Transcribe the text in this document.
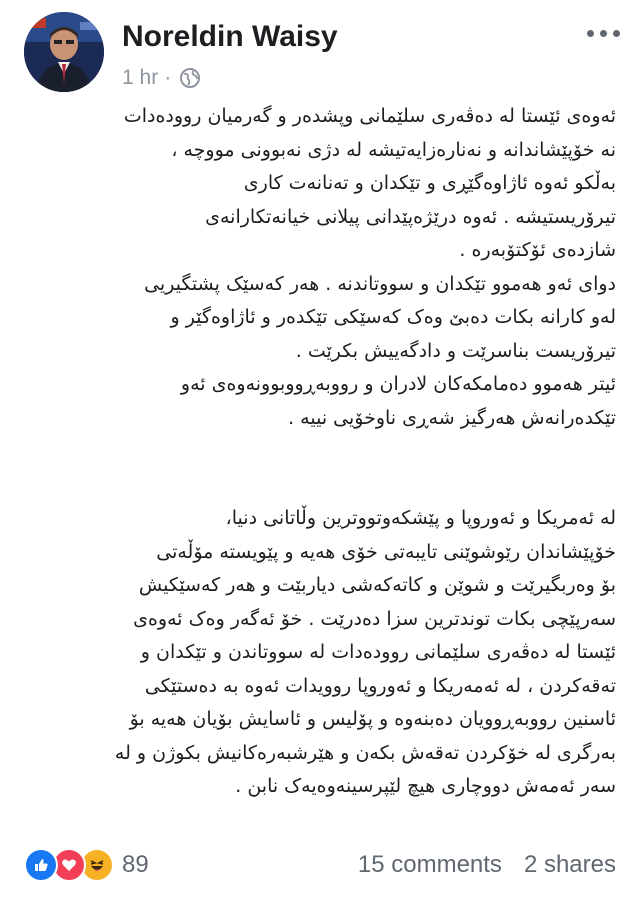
Noreldin Waisy
1 hr ·

ئەوەی ئێستا لە دەڤەری سلێمانی وپشدەر و گەرمیان روودەدات

نە خۆپێشاندانە و نەنارەزایەتیشە لە دژی نەبوونی مووچە ،

بەڵکو ئەوە ئاژاوەگێڕی و تێکدان و تەنانەت کاری

تیرۆریستیشە . ئەوە درێژەپێدانی پیلانی خیانەتکارانەی

شازدەی ئۆکتۆبەرە .

دوای ئەو هەموو تێکدان و سووتاندنە . هەر کەسێک پشتگیریی

لەو کارانە بکات دەبێ وەک کەسێکی تێکدەر و ئاژاوەگێر و

تیرۆریست بناسرێت و دادگەییش بکرێت .

ئیتر هەموو دەمامکەکان لادران و رووبەڕووبوونەوەی ئەو

تێکدەرانەش هەرگیز شەڕی ناوخۆیی نییە .

لە ئەمریکا و ئەوروپا و پێشکەوتووترین وڵاتانی دنیا،

خۆپێشاندان رێوشوێنی تایبەتی خۆی هەیە و پێویستە مۆڵەتی

بۆ وەربگیرێت و شوێن و کاتەکەشی دیاربێت و هەر کەسێکیش

سەرپێچی بکات توندترین سزا دەدرێت . خۆ ئەگەر وەک ئەوەی

ئێستا لە دەڤەری سلێمانی روودەدات لە سووتاندن و تێکدان و

تەقەکردن ، لە ئەمەریکا و ئەوروپا روویدات ئەوە بە دەستێکی

ئاسنین رووبەڕوویان دەبنەوە و پۆلیس و ئاسایش بۆیان هەیە بۆ

بەرگری لە خۆکردن تەقەش بکەن و هێرشبەرەکانیش بکوژن و لە

سەر ئەمەش دووچاری هیچ لێپرسینەوەیەک نابن .

89	15 comments 2 shares
